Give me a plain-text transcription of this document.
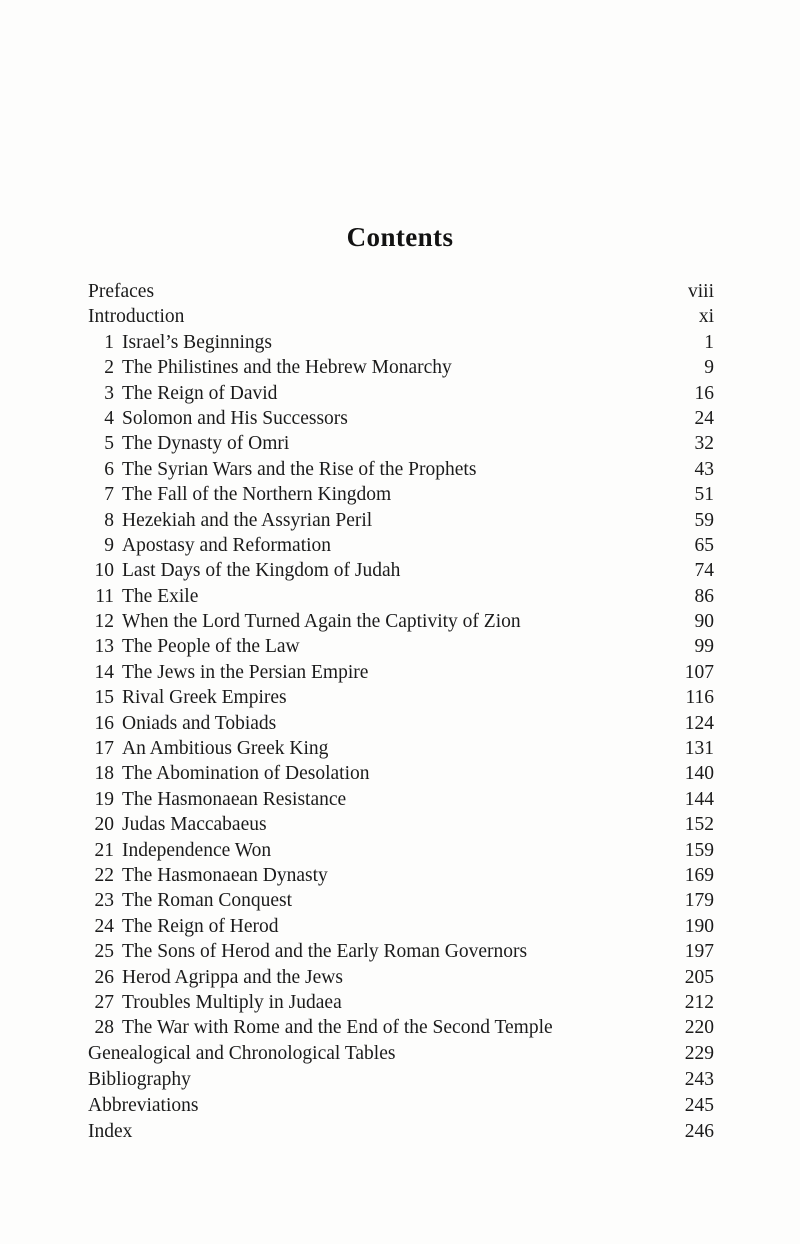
Contents
Prefaces	viii
Introduction	xi
1 Israel’s Beginnings	1
2 The Philistines and the Hebrew Monarchy	9
3 The Reign of David	16
4 Solomon and His Successors	24
5 The Dynasty of Omri	32
6 The Syrian Wars and the Rise of the Prophets	43
7 The Fall of the Northern Kingdom	51
8 Hezekiah and the Assyrian Peril	59
9 Apostasy and Reformation	65
10 Last Days of the Kingdom of Judah	74
11 The Exile	86
12 When the Lord Turned Again the Captivity of Zion	90
13 The People of the Law	99
14 The Jews in the Persian Empire	107
15 Rival Greek Empires	116
16 Oniads and Tobiads	124
17 An Ambitious Greek King	131
18 The Abomination of Desolation	140
19 The Hasmonaean Resistance	144
20 Judas Maccabaeus	152
21 Independence Won	159
22 The Hasmonaean Dynasty	169
23 The Roman Conquest	179
24 The Reign of Herod	190
25 The Sons of Herod and the Early Roman Governors	197
26 Herod Agrippa and the Jews	205
27 Troubles Multiply in Judaea	212
28 The War with Rome and the End of the Second Temple	220
Genealogical and Chronological Tables	229
Bibliography	243
Abbreviations	245
Index	246
